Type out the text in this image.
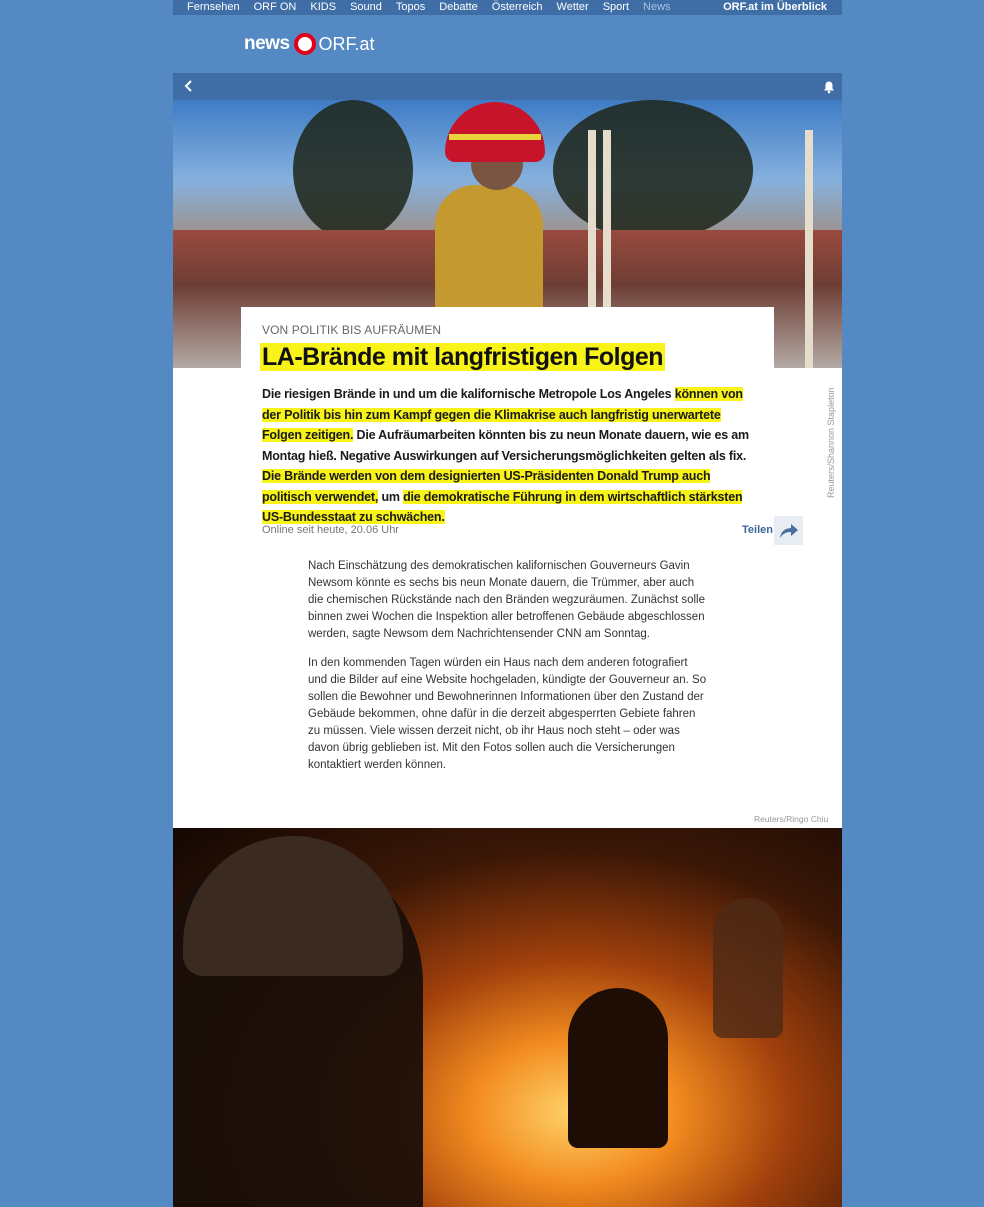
Fernsehen ORF ON KIDS Sound Topos Debatte Österreich Wetter Sport News	ORF.at im Überblick
news ORF.at
VON POLITIK BIS AUFRÄUMEN
LA-Brände mit langfristigen Folgen
Die riesigen Brände in und um die kalifornische Metropole Los Angeles können von der Politik bis hin zum Kampf gegen die Klimakrise auch langfristig unerwartete Folgen zeitigen. Die Aufräumarbeiten könnten bis zu neun Monate dauern, wie es am Montag hieß. Negative Auswirkungen auf Versicherungsmöglichkeiten gelten als fix. Die Brände werden von dem designierten US-Präsidenten Donald Trump auch politisch verwendet, um die demokratische Führung in dem wirtschaftlich stärksten US-Bundesstaat zu schwächen.
Reuters/Shannon Stapleton
Online seit heute, 20.06 Uhr	Teilen

Nach Einschätzung des demokratischen kalifornischen Gouverneurs Gavin Newsom könnte es sechs bis neun Monate dauern, die Trümmer, aber auch die chemischen Rückstände nach den Bränden wegzuräumen. Zunächst solle binnen zwei Wochen die Inspektion aller betroffenen Gebäude abgeschlossen werden, sagte Newsom dem Nachrichtensender CNN am Sonntag.

In den kommenden Tagen würden ein Haus nach dem anderen fotografiert und die Bilder auf eine Website hochgeladen, kündigte der Gouverneur an. So sollen die Bewohner und Bewohnerinnen Informationen über den Zustand der Gebäude bekommen, ohne dafür in die derzeit abgesperrten Gebiete fahren zu müssen. Viele wissen derzeit nicht, ob ihr Haus noch steht – oder was davon übrig geblieben ist. Mit den Fotos sollen auch die Versicherungen kontaktiert werden können.

Reuters/Ringo Chiu
